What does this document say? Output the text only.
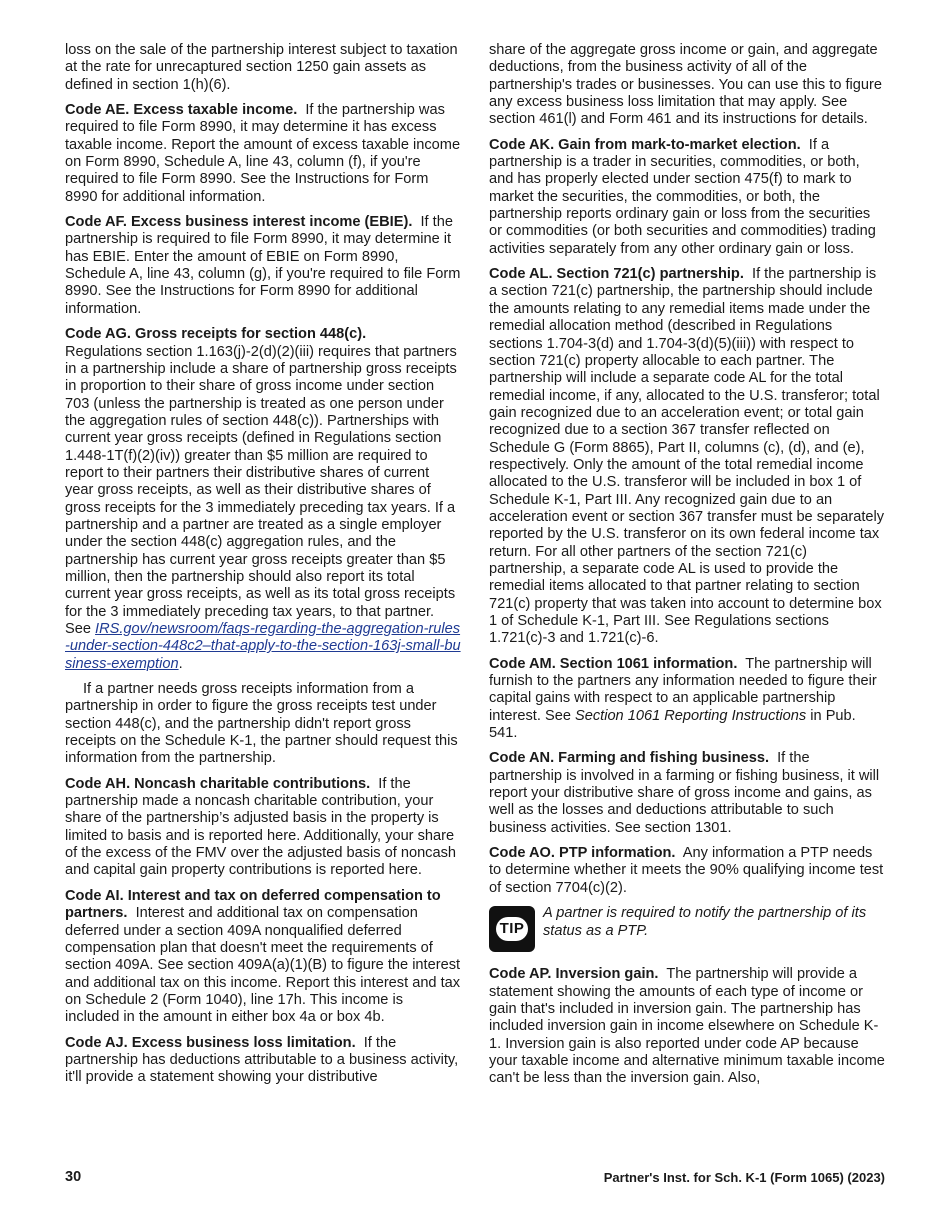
loss on the sale of the partnership interest subject to taxation at the rate for unrecaptured section 1250 gain assets as defined in section 1(h)(6).

Code AE. Excess taxable income. If the partnership was required to file Form 8990, it may determine it has excess taxable income. Report the amount of excess taxable income on Form 8990, Schedule A, line 43, column (f), if you're required to file Form 8990. See the Instructions for Form 8990 for additional information.

Code AF. Excess business interest income (EBIE). If the partnership is required to file Form 8990, it may determine it has EBIE. Enter the amount of EBIE on Form 8990, Schedule A, line 43, column (g), if you're required to file Form 8990. See the Instructions for Form 8990 for additional information.

Code AG. Gross receipts for section 448(c).
Regulations section 1.163(j)-2(d)(2)(iii) requires that partners in a partnership include a share of partnership gross receipts in proportion to their share of gross income under section 703 (unless the partnership is treated as one person under the aggregation rules of section 448(c)). Partnerships with current year gross receipts (defined in Regulations section 1.448-1T(f)(2)(iv)) greater than $5 million are required to report to their partners their distributive shares of current year gross receipts, as well as their distributive shares of gross receipts for the 3 immediately preceding tax years. If a partnership and a partner are treated as a single employer under the section 448(c) aggregation rules, and the partnership has current year gross receipts greater than $5 million, then the partnership should also report its total current year gross receipts, as well as its total gross receipts for the 3 immediately preceding tax years, to that partner. See IRS.gov/newsroom/faqs-regarding-the-aggregation-rules-under-section-448c2–that-apply-to-the-section-163j-small-business-exemption.

If a partner needs gross receipts information from a partnership in order to figure the gross receipts test under section 448(c), and the partnership didn't report gross receipts on the Schedule K-1, the partner should request this information from the partnership.

Code AH. Noncash charitable contributions. If the partnership made a noncash charitable contribution, your share of the partnership’s adjusted basis in the property is limited to basis and is reported here. Additionally, your share of the excess of the FMV over the adjusted basis of noncash and capital gain property contributions is reported here.

Code AI. Interest and tax on deferred compensation to partners. Interest and additional tax on compensation deferred under a section 409A nonqualified deferred compensation plan that doesn't meet the requirements of section 409A. See section 409A(a)(1)(B) to figure the interest and additional tax on this income. Report this interest and tax on Schedule 2 (Form 1040), line 17h. This income is included in the amount in either box 4a or box 4b.

Code AJ. Excess business loss limitation. If the partnership has deductions attributable to a business activity, it'll provide a statement showing your distributive

share of the aggregate gross income or gain, and aggregate deductions, from the business activity of all of the partnership's trades or businesses. You can use this to figure any excess business loss limitation that may apply. See section 461(l) and Form 461 and its instructions for details.

Code AK. Gain from mark-to-market election. If a partnership is a trader in securities, commodities, or both, and has properly elected under section 475(f) to mark to market the securities, the commodities, or both, the partnership reports ordinary gain or loss from the securities or commodities (or both securities and commodities) trading activities separately from any other ordinary gain or loss.

Code AL. Section 721(c) partnership. If the partnership is a section 721(c) partnership, the partnership should include the amounts relating to any remedial items made under the remedial allocation method (described in Regulations sections 1.704-3(d) and 1.704-3(d)(5)(iii)) with respect to section 721(c) property allocable to each partner. The partnership will include a separate code AL for the total remedial income, if any, allocated to the U.S. transferor; total gain recognized due to an acceleration event; or total gain recognized due to a section 367 transfer reflected on Schedule G (Form 8865), Part II, columns (c), (d), and (e), respectively. Only the amount of the total remedial income allocated to the U.S. transferor will be included in box 1 of Schedule K-1, Part III. Any recognized gain due to an acceleration event or section 367 transfer must be separately reported by the U.S. transferor on its own federal income tax return. For all other partners of the section 721(c) partnership, a separate code AL is used to provide the remedial items allocated to that partner relating to section 721(c) property that was taken into account to determine box 1 of Schedule K-1, Part III. See Regulations sections 1.721(c)-3 and 1.721(c)-6.

Code AM. Section 1061 information. The partnership will furnish to the partners any information needed to figure their capital gains with respect to an applicable partnership interest. See Section 1061 Reporting Instructions in Pub. 541.

Code AN. Farming and fishing business. If the partnership is involved in a farming or fishing business, it will report your distributive share of gross income and gains, as well as the losses and deductions attributable to such business activities. See section 1301.

Code AO. PTP information. Any information a PTP needs to determine whether it meets the 90% qualifying income test of section 7704(c)(2).

TIP
A partner is required to notify the partnership of its status as a PTP.

Code AP. Inversion gain. The partnership will provide a statement showing the amounts of each type of income or gain that's included in inversion gain. The partnership has included inversion gain in income elsewhere on Schedule K-1. Inversion gain is also reported under code AP because your taxable income and alternative minimum taxable income can't be less than the inversion gain. Also,

30	Partner's Inst. for Sch. K-1 (Form 1065) (2023)
